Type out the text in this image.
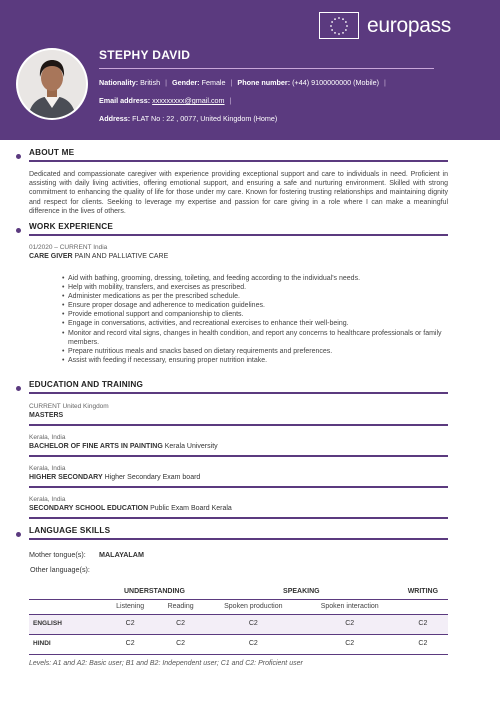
europass
STEPHY DAVID
Nationality: British | Gender: Female | Phone number: (+44) 9100000000 (Mobile) |
Email address: xxxxxxxxx@gmail.com |
Address: FLAT No : 22 , 0077, United Kingdom (Home)
ABOUT ME
Dedicated and compassionate caregiver with experience providing exceptional support and care to individuals in need. Proficient in assisting with daily living activities, offering emotional support, and ensuring a safe and nurturing environment. Skilled with strong commitment to enhancing the quality of life for those under my care. Known for fostering trusting relationships and maintaining dignity and respect for clients. Seeking to leverage my expertise and passion for care giving in a role where I can make a meaningful difference in the lives of others.
WORK EXPERIENCE
01/2020 – CURRENT India
CARE GIVER PAIN AND PALLIATIVE CARE
• Aid with bathing, grooming, dressing, toileting, and feeding according to the individual's needs.
• Help with mobility, transfers, and exercises as prescribed.
• Administer medications as per the prescribed schedule.
• Ensure proper dosage and adherence to medication guidelines.
• Provide emotional support and companionship to clients.
• Engage in conversations, activities, and recreational exercises to enhance their well-being.
• Monitor and record vital signs, changes in health condition, and report any concerns to healthcare professionals or family members.
• Prepare nutritious meals and snacks based on dietary requirements and preferences.
• Assist with feeding if necessary, ensuring proper nutrition intake.
EDUCATION AND TRAINING
CURRENT United Kingdom
MASTERS
Kerala, India
BACHELOR OF FINE ARTS IN PAINTING Kerala University
Kerala, India
HIGHER SECONDARY Higher Secondary Exam board
Kerala, India
SECONDARY SCHOOL EDUCATION Public Exam Board Kerala
LANGUAGE SKILLS
Mother tongue(s): MALAYALAM
Other language(s):
	UNDERSTANDING		SPEAKING		WRITING
	Listening	Reading	Spoken production	Spoken interaction	
ENGLISH	C2	C2	C2	C2	C2
HINDI	C2	C2	C2	C2	C2
Levels: A1 and A2: Basic user; B1 and B2: Independent user; C1 and C2: Proficient user
